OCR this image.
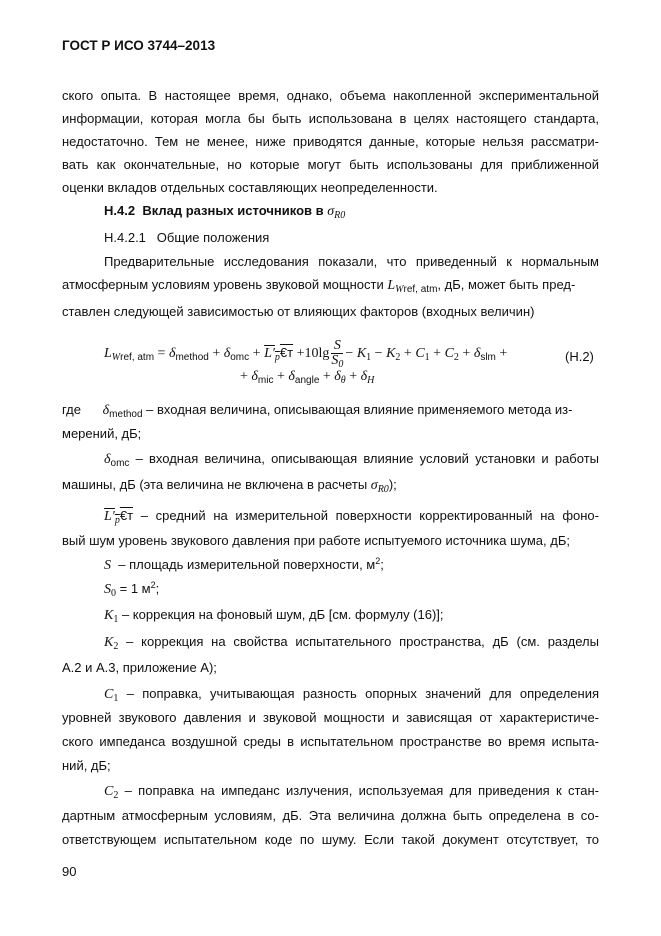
ГОСТ Р ИСО 3744–2013
ского опыта. В настоящее время, однако, объема накопленной экспериментальной
информации, которая могла бы быть использована в целях настоящего стандарта,
недостаточно. Тем не менее, ниже приводятся данные, которые нельзя рассматри-
вать как окончательные, но которые могут быть использованы для приближенной
оценки вкладов отдельных составляющих неопределенности.
H.4.2 Вклад разных источников в $\sigma_{R0}$
H.4.2.1 Общие положения
Предварительные исследования показали, что приведенный к нормальным
атмосферным условиям уровень звуковой мощности $L_{Wref, atm}$, дБ, может быть пред-
ставлен следующей зависимостью от влияющих факторов (входных величин)
$L_{Wref, atm} = \delta_{method} + \delta_{omc}$ + $L'_p€т +10\lg \frac{S}{S_0} - K_1 - K_2 + C_1 + C_2 + \delta_{slm}$ +	(H.2)
+ $\delta_{mic} + \delta_{angle} + \delta_\theta + \delta_H$
где $\delta_{method}$ – входная величина, описывающая влияние применяемого метода из-
мерений, дБ;
$\delta_{omc}$ – входная величина, описывающая влияние условий установки и работы
машины, дБ (эта величина не включена в расчеты $\sigma_{R0}$);
$L'_p€т$ – средний на измерительной поверхности корректированный на фоно-
вый шум уровень звукового давления при работе испытуемого источника шума, дБ;
S – площадь измерительной поверхности, $м^2$;
$S_0 = 1$ $м^2$;
$K_1$ – коррекция на фоновый шум, дБ [см. формулу (16)];
$K_2$ – коррекция на свойства испытательного пространства, дБ (см. разделы
А.2 и А.3, приложение А);
$C_1$ – поправка, учитывающая разность опорных значений для определения
уровней звукового давления и звуковой мощности и зависящая от характеристиче-
ского импеданса воздушной среды в испытательном пространстве во время испыта-
ний, дБ;
$C_2$ – поправка на импеданс излучения, используемая для приведения к стан-
дартным атмосферным условиям, дБ. Эта величина должна быть определена в со-
ответствующем испытательном коде по шуму. Если такой документ отсутствует, то
90
